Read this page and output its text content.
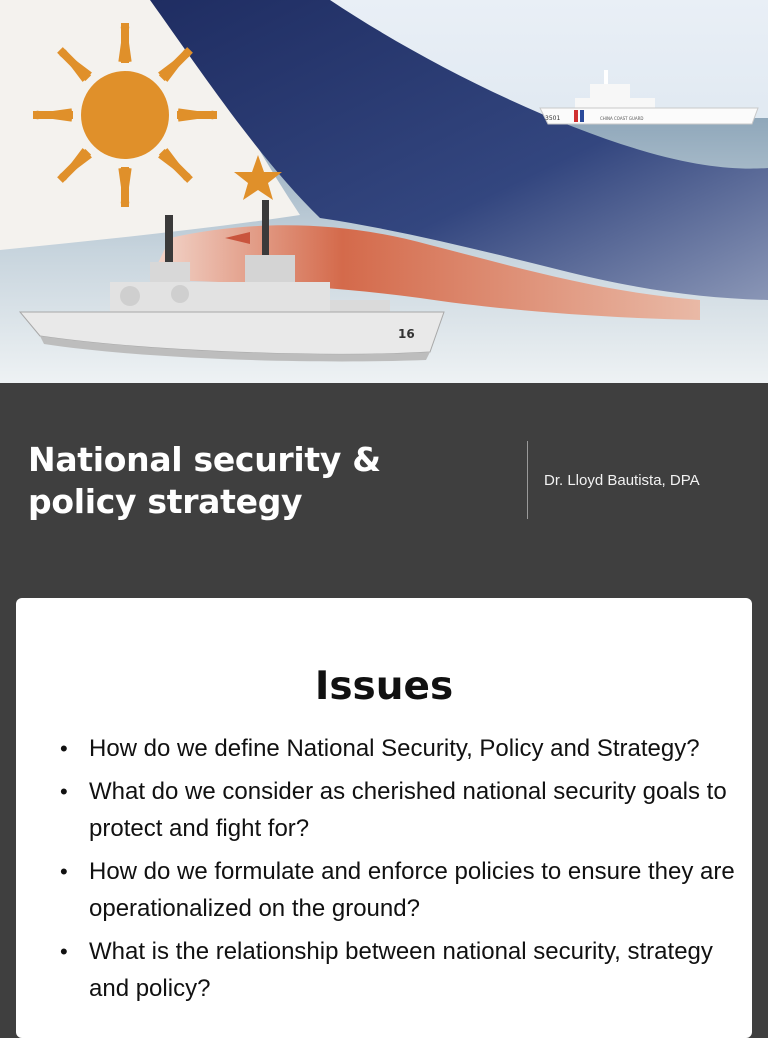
3501	CHINA COAST GUARD
16
National security &
policy strategy
Dr. Lloyd Bautista, DPA
Issues
• How do we define National Security, Policy and Strategy?
• What do we consider as cherished national security goals to protect and fight for?
• How do we formulate and enforce policies to ensure they are operationalized on the ground?
• What is the relationship between national security, strategy and policy?
